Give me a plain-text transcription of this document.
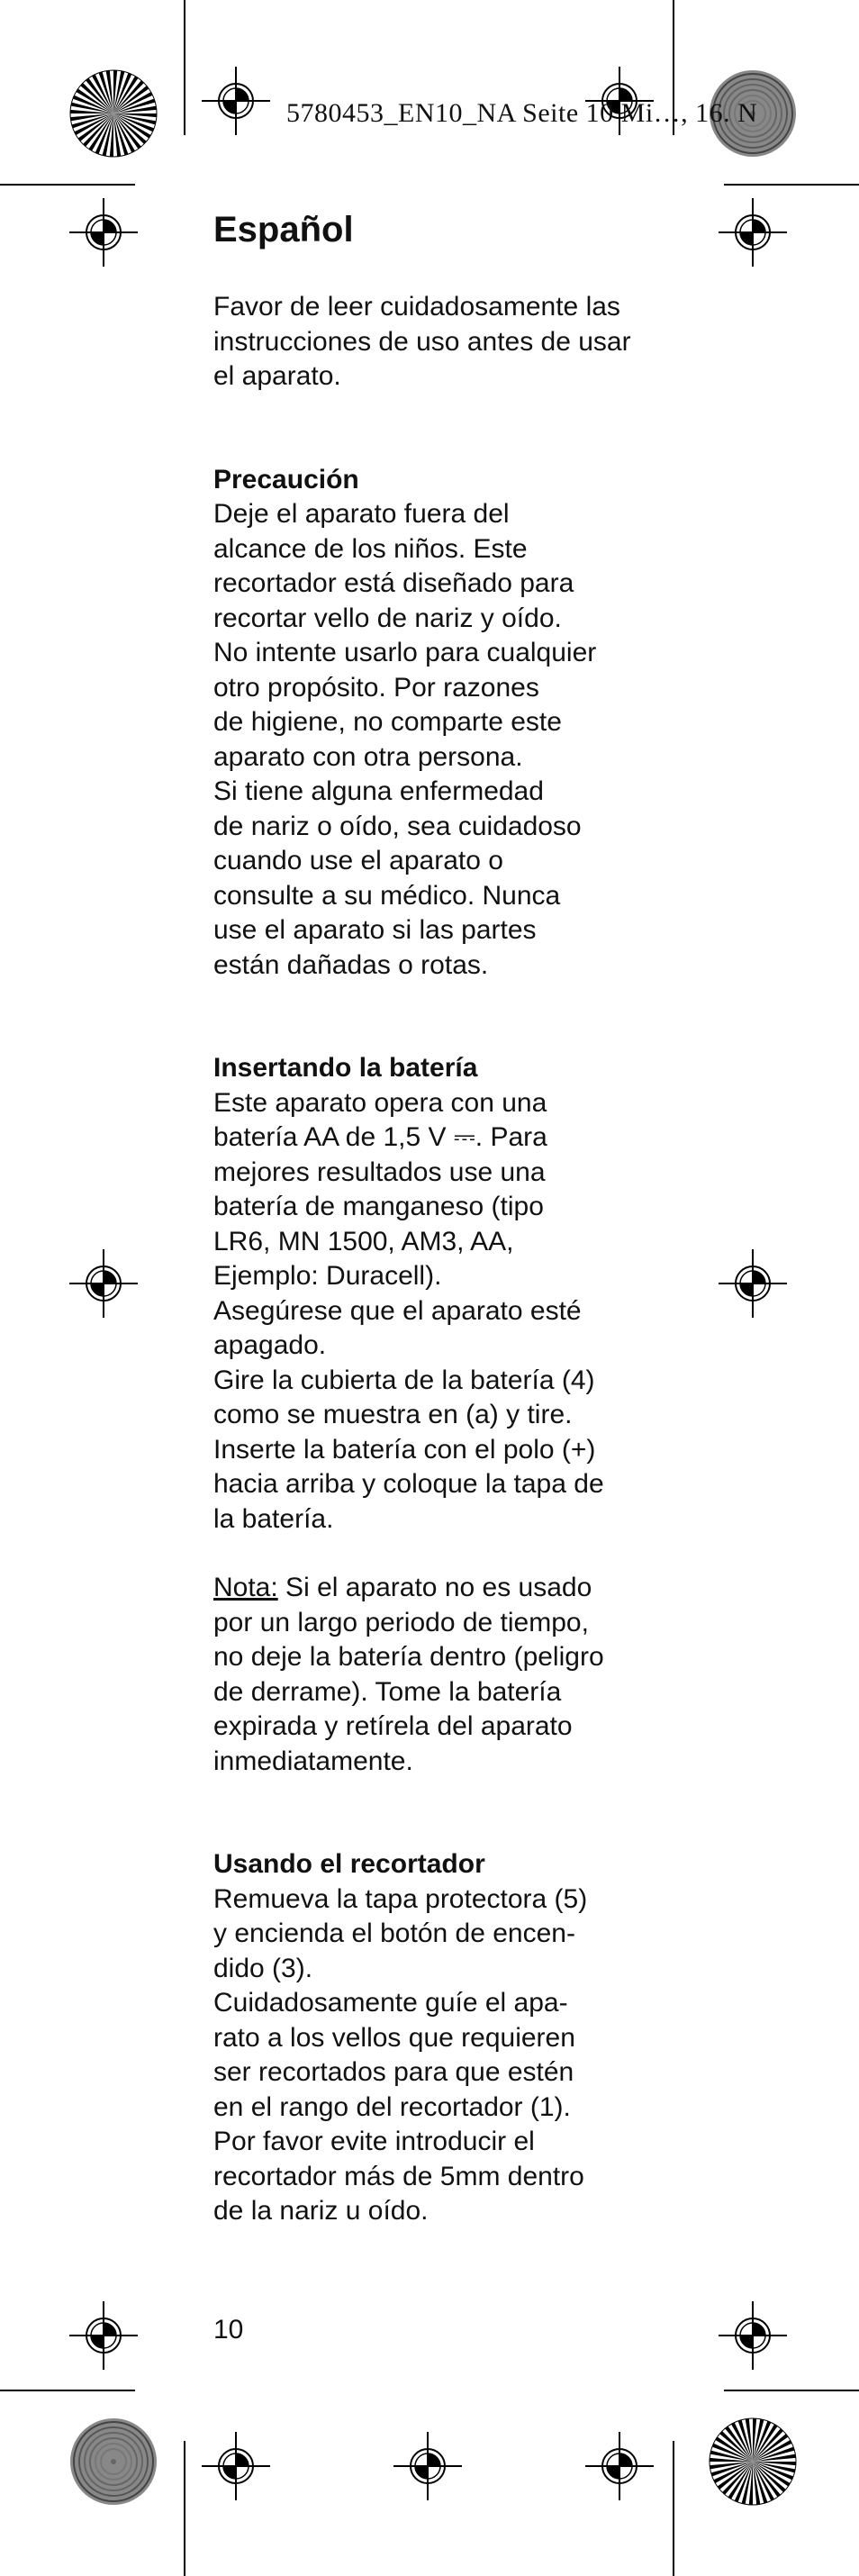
5780453_EN10_NA Seite 10 Mi…, 16. N
Español

Favor de leer cuidadosamente las instrucciones de uso antes de usar el aparato.

Precaución

Deje el aparato fuera del
alcance de los niños. Este
recortador está diseñado para
recortar vello de nariz y oído.
No intente usarlo para cualquier
otro propósito. Por razones
de higiene, no comparte este
aparato con otra persona.
Si tiene alguna enfermedad
de nariz o oído, sea cuidadoso
cuando use el aparato o
consulte a su médico. Nunca
use el aparato si las partes
están dañadas o rotas.

Insertando la batería

Este aparato opera con una
batería AA de 1,5 V ⎓. Para
mejores resultados use una
batería de manganeso (tipo
LR6, MN 1500, AM3, AA,
Ejemplo: Duracell).
Asegúrese que el aparato esté
apagado.
Gire la cubierta de la batería (4)
como se muestra en (a) y tire.
Inserte la batería con el polo (+)
hacia arriba y coloque la tapa de
la batería.

Nota: Si el aparato no es usado
por un largo periodo de tiempo,
no deje la batería dentro (peligro
de derrame). Tome la batería
expirada y retírela del aparato
inmediatamente.

Usando el recortador

Remueva la tapa protectora (5)
y encienda el botón de encen-
dido (3).
Cuidadosamente guíe el apa-
rato a los vellos que requieren
ser recortados para que estén
en el rango del recortador (1).
Por favor evite introducir el
recortador más de 5mm dentro
de la nariz u oído.

10
